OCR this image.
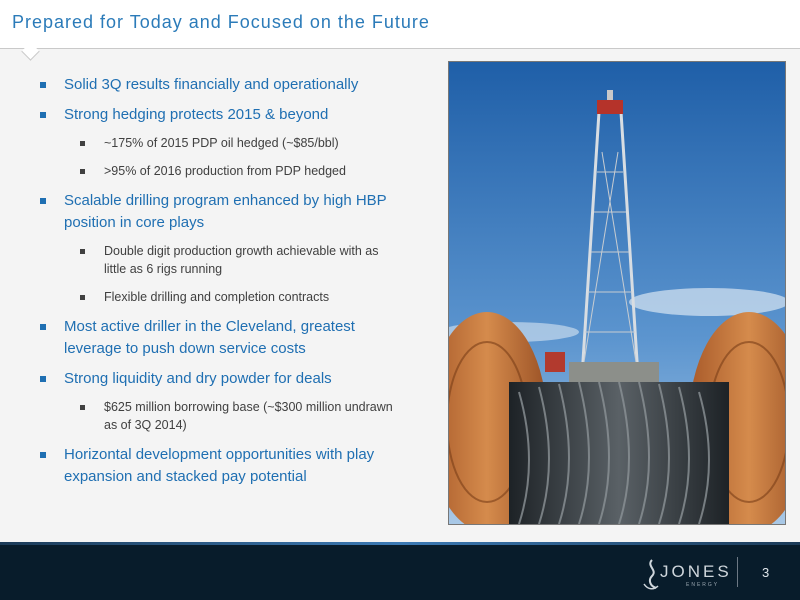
Prepared for Today and Focused on the Future
Solid 3Q results financially and operationally
Strong hedging protects 2015 & beyond
~175% of 2015 PDP oil hedged (~$85/bbl)
>95% of 2016 production from PDP hedged
Scalable drilling program enhanced by high HBP position in core plays
Double digit production growth achievable with as little as 6 rigs running
Flexible drilling and completion contracts
Most active driller in the Cleveland, greatest leverage to push down service costs
Strong liquidity and dry powder for deals
$625 million borrowing base (~$300 million undrawn as of 3Q 2014)
Horizontal development opportunities with play expansion and stacked pay potential
JONES
ENERGY
3
